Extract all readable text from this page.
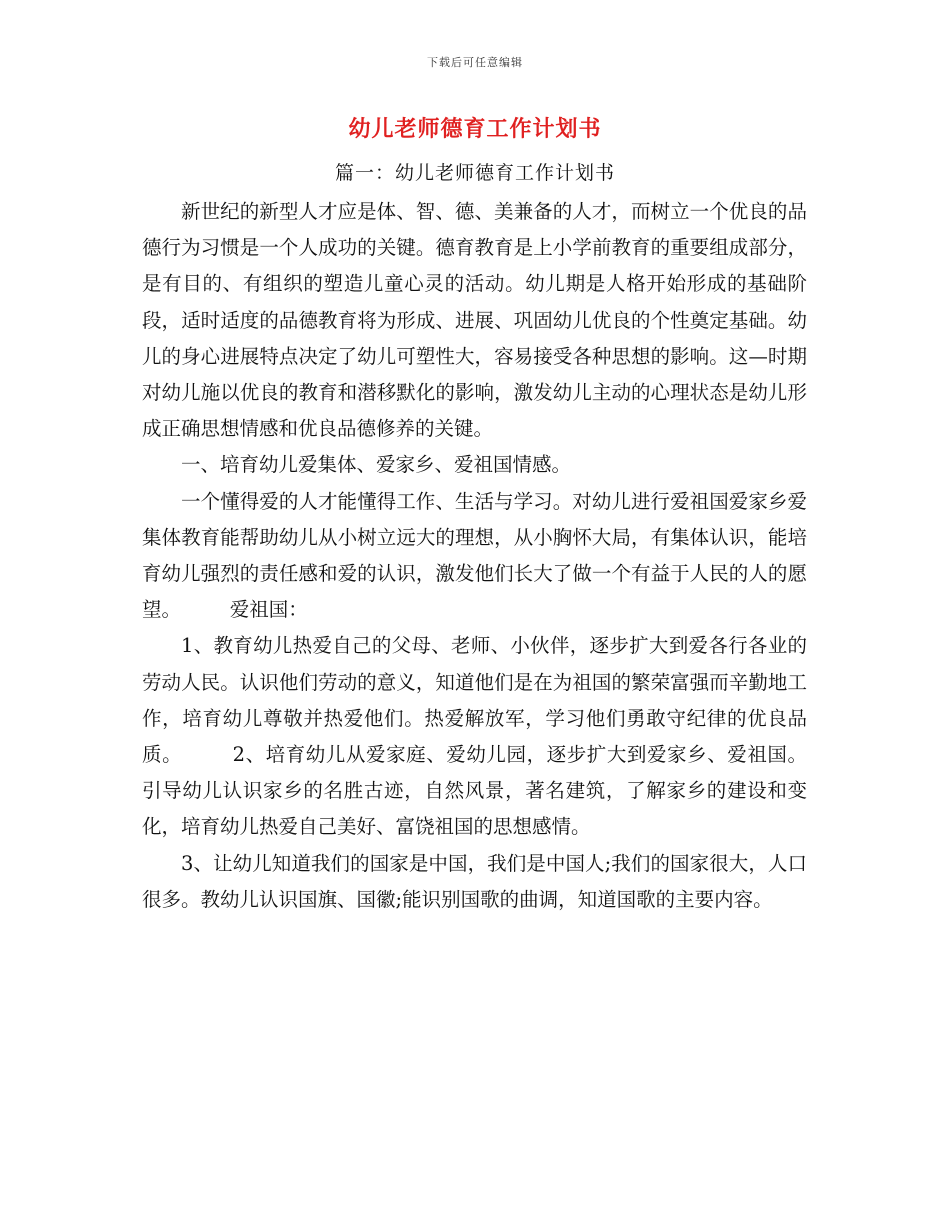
下载后可任意编辑
幼儿老师德育工作计划书
篇一：幼儿老师德育工作计划书

新世纪的新型人才应是体、智、德、美兼备的人才，而树立一个优良的品德行为习惯是一个人成功的关键。德育教育是上小学前教育的重要组成部分，是有目的、有组织的塑造儿童心灵的活动。幼儿期是人格开始形成的基础阶段，适时适度的品德教育将为形成、进展、巩固幼儿优良的个性奠定基础。幼儿的身心进展特点决定了幼儿可塑性大，容易接受各种思想的影响。这—时期对幼儿施以优良的教育和潜移默化的影响，激发幼儿主动的心理状态是幼儿形成正确思想情感和优良品德修养的关键。

一、培育幼儿爱集体、爱家乡、爱祖国情感。

一个懂得爱的人才能懂得工作、生活与学习。对幼儿进行爱祖国爱家乡爱集体教育能帮助幼儿从小树立远大的理想，从小胸怀大局，有集体认识，能培育幼儿强烈的责任感和爱的认识，激发他们长大了做一个有益于人民的人的愿望。　　　爱祖国：

1、教育幼儿热爱自己的父母、老师、小伙伴，逐步扩大到爱各行各业的劳动人民。认识他们劳动的意义，知道他们是在为祖国的繁荣富强而辛勤地工作，培育幼儿尊敬并热爱他们。热爱解放军，学习他们勇敢守纪律的优良品质。　　　2、培育幼儿从爱家庭、爱幼儿园，逐步扩大到爱家乡、爱祖国。引导幼儿认识家乡的名胜古迹，自然风景，著名建筑，了解家乡的建设和变化，培育幼儿热爱自己美好、富饶祖国的思想感情。

3、让幼儿知道我们的国家是中国，我们是中国人;我们的国家很大，人口很多。教幼儿认识国旗、国徽;能识别国歌的曲调，知道国歌的主要内容。
